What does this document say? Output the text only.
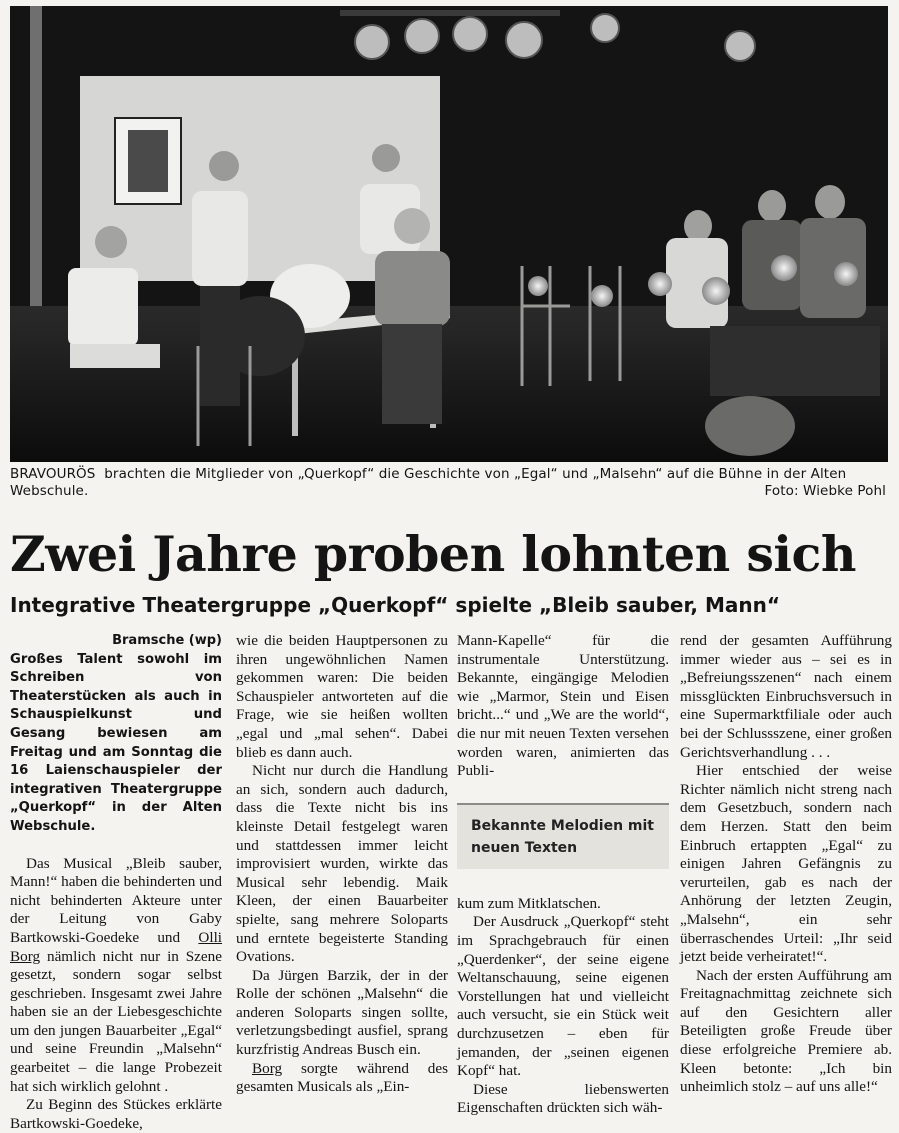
BRAVOURÖS brachten die Mitglieder von „Querkopf“ die Geschichte von „Egal“ und „Malsehn“ auf die Bühne in der Alten Webschule.	Foto: Wiebke Pohl
Zwei Jahre proben lohnten sich
Integrative Theatergruppe „Querkopf“ spielte „Bleib sauber, Mann“

Bramsche (wp)

Großes Talent sowohl im Schreiben von Theaterstücken als auch in Schauspielkunst und Gesang bewiesen am Freitag und am Sonntag die 16 Laienschauspieler der integrativen Theatergruppe „Querkopf“ in der Alten Webschule.

Das Musical „Bleib sauber, Mann!“ haben die behinderten und nicht behinderten Akteure unter der Leitung von Gaby Bartkowski-Goedeke und Olli Borg nämlich nicht nur in Szene gesetzt, sondern sogar selbst geschrieben. Insgesamt zwei Jahre haben sie an der Liebesgeschichte um den jungen Bauarbeiter „Egal“ und seine Freundin „Malsehn“ gearbeitet – die lange Probezeit hat sich wirklich gelohnt .

Zu Beginn des Stückes erklärte Bartkowski-Goedeke,

wie die beiden Hauptpersonen zu ihren ungewöhnlichen Namen gekommen waren: Die beiden Schauspieler antworteten auf die Frage, wie sie heißen wollten „egal und „mal sehen“. Dabei blieb es dann auch.

Nicht nur durch die Handlung an sich, sondern auch dadurch, dass die Texte nicht bis ins kleinste Detail festgelegt waren und stattdessen immer leicht improvisiert wurden, wirkte das Musical sehr lebendig. Maik Kleen, der einen Bauarbeiter spielte, sang mehrere Soloparts und erntete begeisterte Standing Ovations.

Da Jürgen Barzik, der in der Rolle der schönen „Malsehn“ die anderen Soloparts singen sollte, verletzungsbedingt ausfiel, sprang kurzfristig Andreas Busch ein.

Borg sorgte während des gesamten Musicals als „Ein-

Mann-Kapelle“ für die instrumentale Unterstützung. Bekannte, eingängige Melodien wie „Marmor, Stein und Eisen bricht...“ und „We are the world“, die nur mit neuen Texten versehen worden waren, animierten das Publi-

Bekannte Melodien mit neuen Texten

kum zum Mitklatschen.

Der Ausdruck „Querkopf“ steht im Sprachgebrauch für einen „Querdenker“, der seine eigene Weltanschauung, seine eigenen Vorstellungen hat und vielleicht auch versucht, sie ein Stück weit durchzusetzen – eben für jemanden, der „seinen eigenen Kopf“ hat.

Diese liebenswerten Eigenschaften drückten sich wäh-

rend der gesamten Aufführung immer wieder aus – sei es in „Befreiungsszenen“ nach einem missglückten Einbruchsversuch in eine Supermarktfiliale oder auch bei der Schlussszene, einer großen Gerichtsverhandlung . . .

Hier entschied der weise Richter nämlich nicht streng nach dem Gesetzbuch, sondern nach dem Herzen. Statt den beim Einbruch ertappten „Egal“ zu einigen Jahren Gefängnis zu verurteilen, gab es nach der Anhörung der letzten Zeugin, „Malsehn“, ein sehr überraschendes Urteil: „Ihr seid jetzt beide verheiratet!“.

Nach der ersten Aufführung am Freitagnachmittag zeichnete sich auf den Gesichtern aller Beteiligten große Freude über diese erfolgreiche Premiere ab. Kleen betonte: „Ich bin unheimlich stolz – auf uns alle!“
